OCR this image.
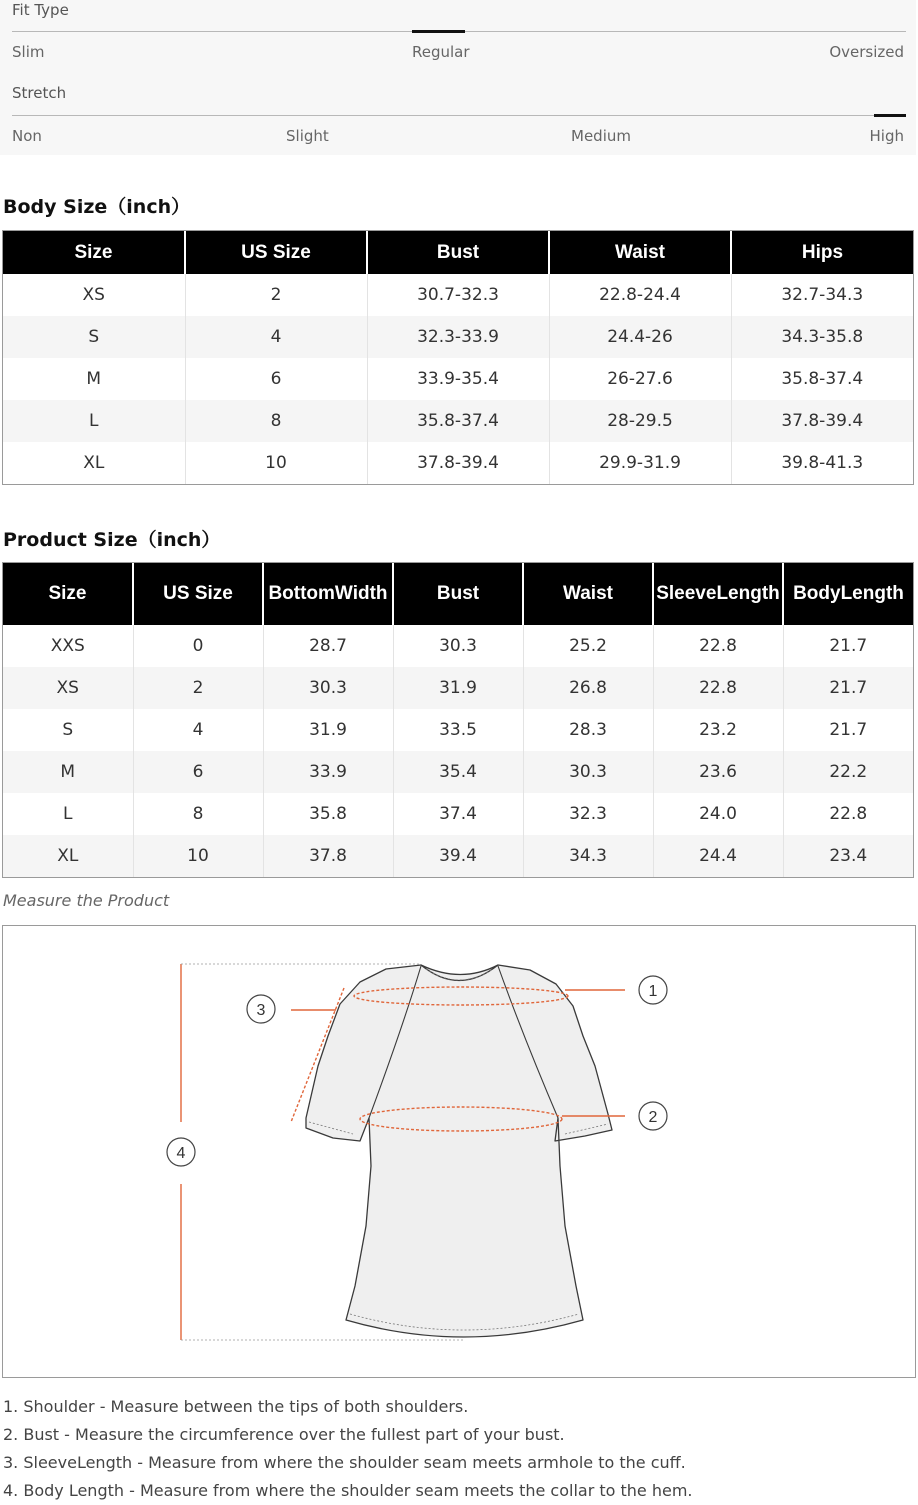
Fit Type
Slim	Regular	Oversized
Stretch
Non	Slight	Medium	High
Body Size（inch）
Size	US Size	Bust	Waist	Hips
XS	2	30.7-32.3	22.8-24.4	32.7-34.3
S	4	32.3-33.9	24.4-26	34.3-35.8
M	6	33.9-35.4	26-27.6	35.8-37.4
L	8	35.8-37.4	28-29.5	37.8-39.4
XL	10	37.8-39.4	29.9-31.9	39.8-41.3
Product Size（inch）
Size	US Size	BottomWidth	Bust	Waist	SleeveLength	BodyLength
XXS	0	28.7	30.3	25.2	22.8	21.7
XS	2	30.3	31.9	26.8	22.8	21.7
S	4	31.9	33.5	28.3	23.2	21.7
M	6	33.9	35.4	30.3	23.6	22.2
L	8	35.8	37.4	32.3	24.0	22.8
XL	10	37.8	39.4	34.3	24.4	23.4
Measure the Product
1
2
3
4
1. Shoulder - Measure between the tips of both shoulders.
2. Bust - Measure the circumference over the fullest part of your bust.
3. SleeveLength - Measure from where the shoulder seam meets armhole to the cuff.
4. Body Length - Measure from where the shoulder seam meets the collar to the hem.
